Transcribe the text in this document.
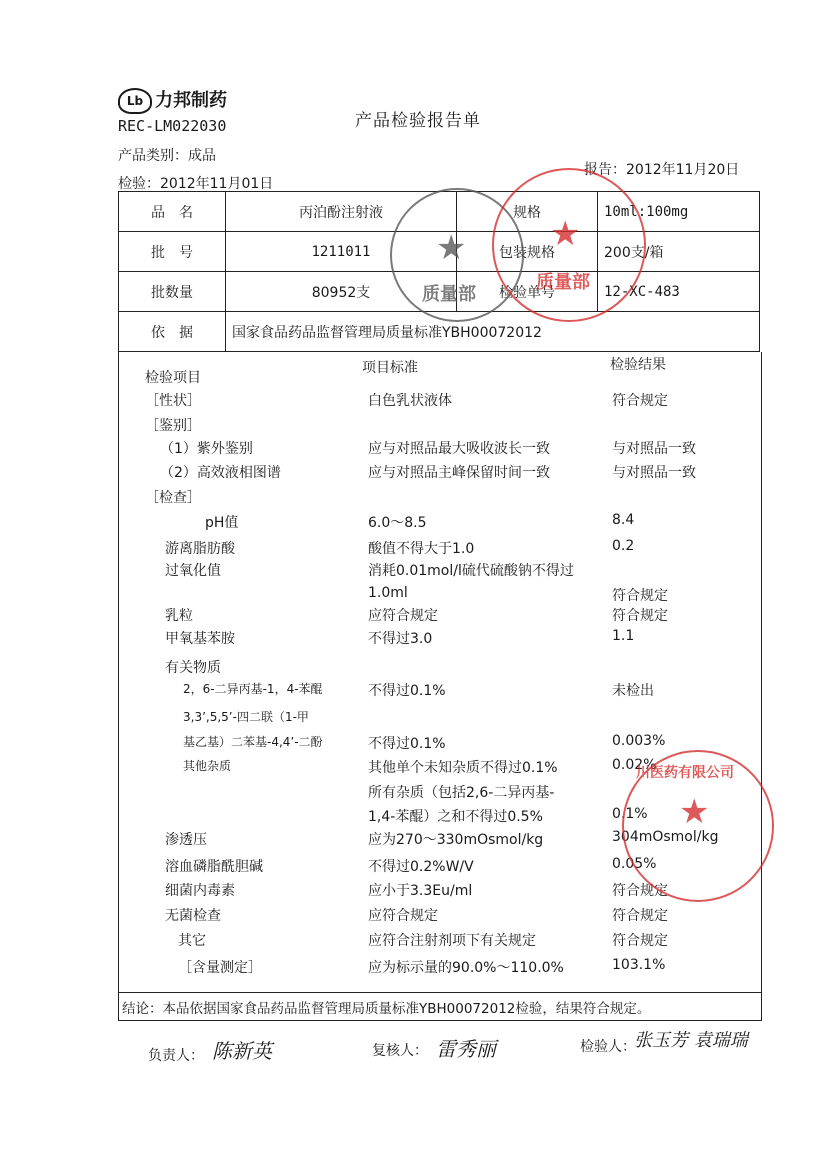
Lb 力邦制药
REC-LM022030	产品检验报告单
产品类别：成品
检验：2012年11月01日
报告：2012年11月20日
品　名	丙泊酚注射液	规格	10ml:100mg
批　号	1211011	包装规格	200支/箱
批数量	80952支	检验单号	12-XC-483
依　据	国家食品药品监督管理局质量标准YBH00072012		
检验项目
项目标准	检验结果
［性状］	白色乳状液体	符合规定
［鉴别］
（1）紫外鉴别	应与对照品最大吸收波长一致	与对照品一致
（2）高效液相图谱	应与对照品主峰保留时间一致	与对照品一致
［检查］
pH值	6.0～8.5	8.4
游离脂肪酸	酸值不得大于1.0	0.2
过氧化值	消耗0.01mol/l硫代硫酸钠不得过
1.0ml	符合规定
乳粒	应符合规定	符合规定
甲氧基苯胺	不得过3.0	1.1
有关物质
2，6-二异丙基-1，4-苯醌	不得过0.1%	未检出
3,3’,5,5’-四二联（1-甲
基乙基）二苯基-4,4’-二酚	不得过0.1%	0.003%
其他杂质	其他单个未知杂质不得过0.1%	0.02%
所有杂质（包括2,6-二异丙基-
1,4-苯醌）之和不得过0.5%	0.1%
渗透压	应为270～330mOsmol/kg	304mOsmol/kg
溶血磷脂酰胆碱	不得过0.2%W/V	0.05%
细菌内毒素	应小于3.3Eu/ml	符合规定
无菌检查	应符合规定	符合规定
其它	应符合注射剂项下有关规定	符合规定
［含量测定］	应为标示量的90.0%～110.0%	103.1%
结论：本品依据国家食品药品监督管理局质量标准YBH00072012检验，结果符合规定。
负责人： 陈新英	复核人： 雷秀丽	检验人：
张玉芳 袁瑞瑞
★
质量部
★
质量部
★
川医药有限公司
